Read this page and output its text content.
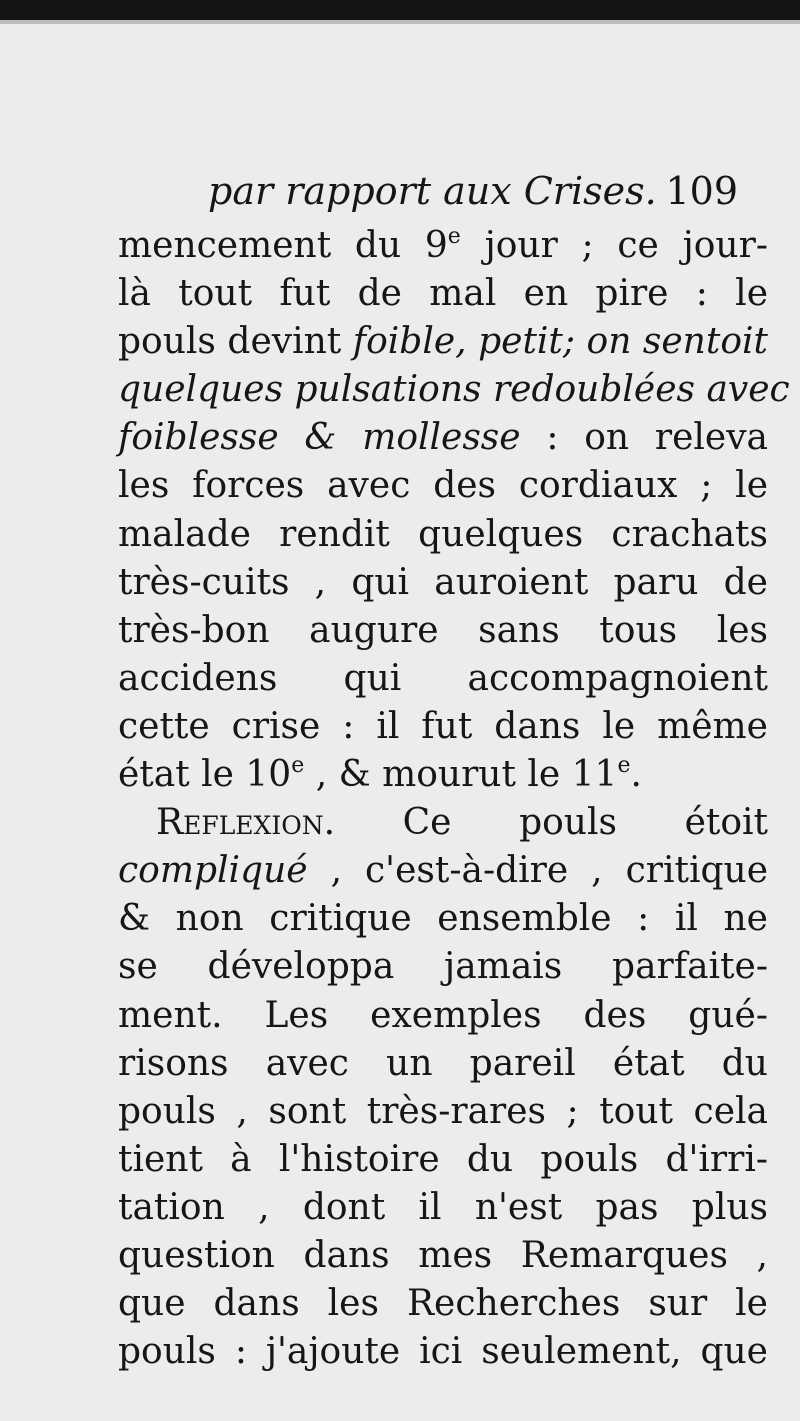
par rapport aux Crises. 109
mencement du 9e jour ; ce jour-
là tout fut de mal en pire : le
pouls devint foible, petit; on sentoit
quelques pulsations redoublées avec
foiblesse & mollesse : on releva
les forces avec des cordiaux ; le
malade rendit quelques crachats
très-cuits , qui auroient paru de
très-bon augure sans tous les
accidens qui accompagnoient
cette crise : il fut dans le même
état le 10e , & mourut le 11e.
Reflexion. Ce pouls étoit
compliqué , c'est-à-dire , critique
& non critique ensemble : il ne
se développa jamais parfaite-
ment. Les exemples des gué-
risons avec un pareil état du
pouls , sont très-rares ; tout cela
tient à l'histoire du pouls d'irri-
tation , dont il n'est pas plus
question dans mes Remarques ,
que dans les Recherches sur le
pouls : j'ajoute ici seulement, que
